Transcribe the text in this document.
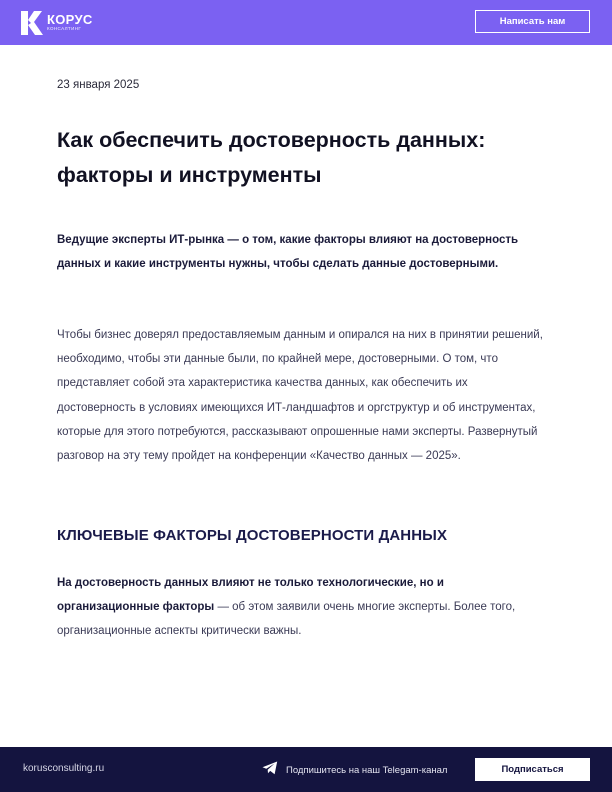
КОРУС
КОНСАЛТИНГ
Написать нам
23 января 2025
Как обеспечить достоверность данных:
факторы и инструменты

Ведущие эксперты ИТ-рынка — о том, какие факторы влияют на достоверность данных и какие инструменты нужны, чтобы сделать данные достоверными.

Чтобы бизнес доверял предоставляемым данным и опирался на них в принятии решений, необходимо, чтобы эти данные были, по крайней мере, достоверными. О том, что представляет собой эта характеристика качества данных, как обеспечить их достоверность в условиях имеющихся ИТ-ландшафтов и оргструктур и об инструментах, которые для этого потребуются, рассказывают опрошенные нами эксперты. Развернутый разговор на эту тему пройдет на конференции «Качество данных — 2025».

КЛЮЧЕВЫЕ ФАКТОРЫ ДОСТОВЕРНОСТИ ДАННЫХ

На достоверность данных влияют не только технологические, но и организационные факторы — об этом заявили очень многие эксперты. Более того, организационные аспекты критически важны.

korusconsulting.ru	Подпишитесь на наш Telegam-канал	Подписаться
